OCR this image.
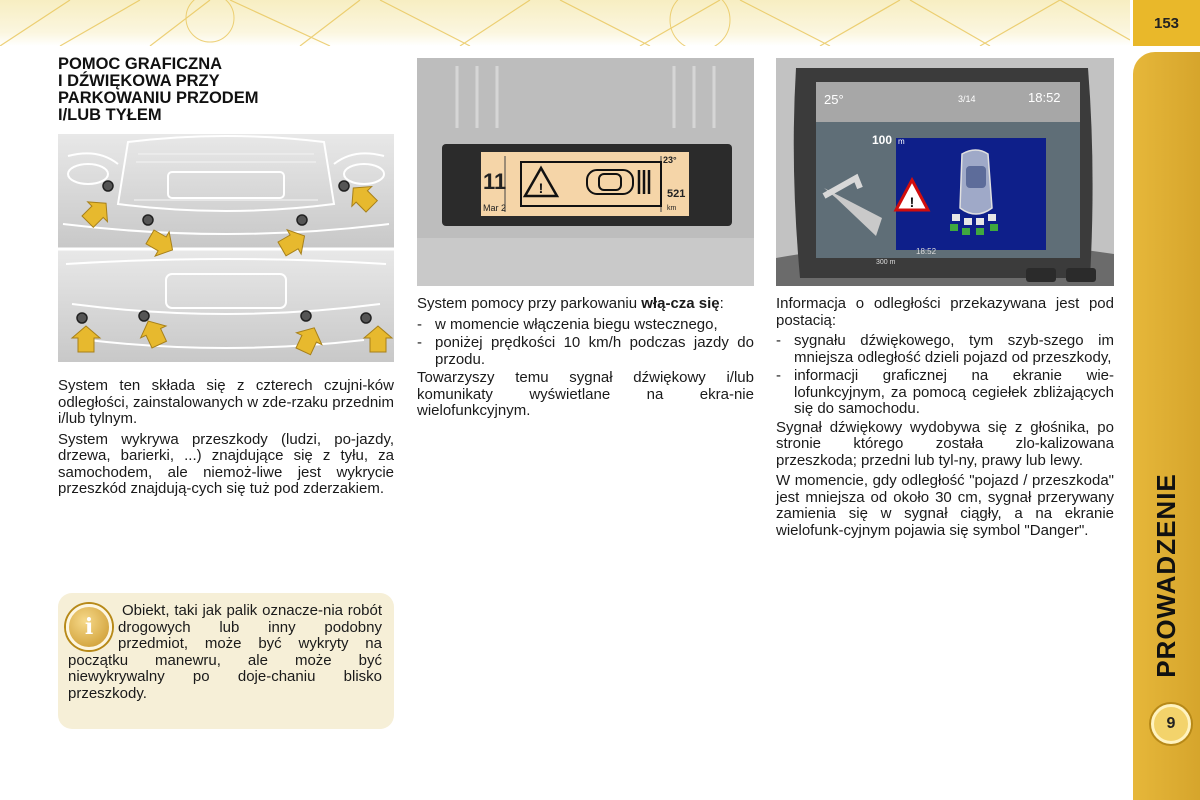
153
PROWADZENIE
9
POMOC GRAFICZNA
I DŹWIĘKOWA PRZY
PARKOWANIU PRZODEM
I/LUB TYŁEM
!
11
Mar 2
23°
521
km
25°	3/14	18:52
100 m
!
18:52
300 m

System ten składa się z czterech czujni-ków odległości, zainstalowanych w zde-rzaku przednim i/lub tylnym.

System wykrywa przeszkody (ludzi, po-jazdy, drzewa, barierki, ...) znajdujące się z tyłu, za samochodem, ale niemoż-liwe jest wykrycie przeszkód znajdują-cych się tuż pod zderzakiem.

Obiekt, taki jak palik oznacze-nia robót drogowych lub inny podobny przedmiot, może być wykryty na początku manewru, ale może być niewykrywalny po doje-chaniu blisko przeszkody.
i

System pomocy przy parkowaniu włą-cza się:

- w momencie włączenia biegu wstecznego,
- poniżej prędkości 10 km/h podczas jazdy do przodu.

Towarzyszy temu sygnał dźwiękowy i/lub komunikaty wyświetlane na ekra-nie wielofunkcyjnym.

Informacja o odległości przekazywana jest pod postacią:

- sygnału dźwiękowego, tym szyb-szego im mniejsza odległość dzieli pojazd od przeszkody,
- informacji graficznej na ekranie wie-lofunkcyjnym, za pomocą cegiełek zbliżających się do samochodu.

Sygnał dźwiękowy wydobywa się z głośnika, po stronie którego została zlo-kalizowana przeszkoda; przedni lub tyl-ny, prawy lub lewy.

W momencie, gdy odległość "pojazd / przeszkoda" jest mniejsza od około 30 cm, sygnał przerywany zamienia się w sygnał ciągły, a na ekranie wielofunk-cyjnym pojawia się symbol "Danger".
